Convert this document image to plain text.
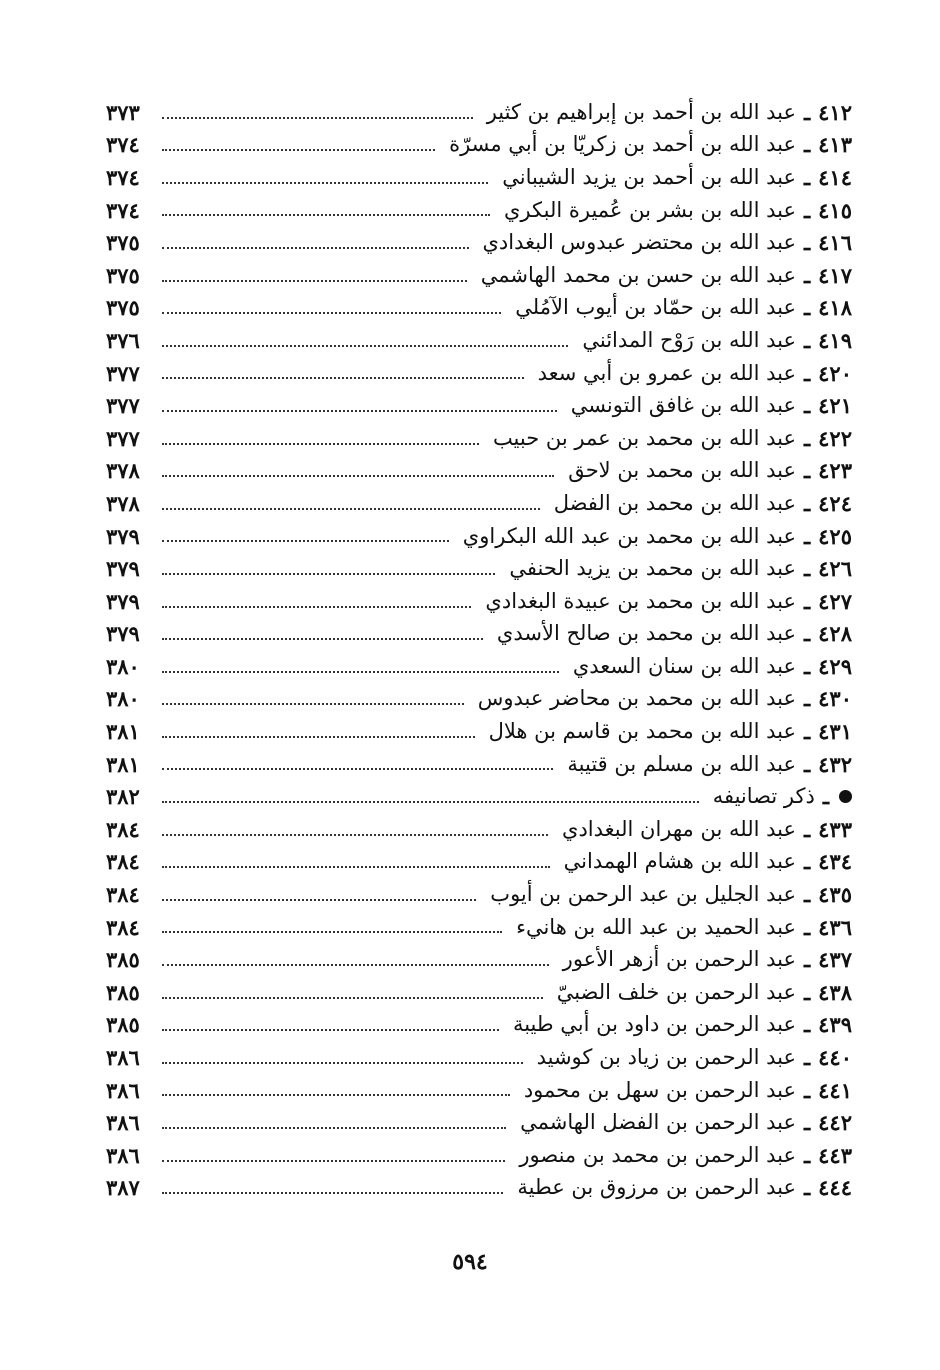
٤١٢
ـ
عبد الله بن أحمد بن إبراهيم بن كثير
٣٧٣
٤١٣
ـ
عبد الله بن أحمد بن زكريّا بن أبي مسرّة
٣٧٤
٤١٤
ـ
عبد الله بن أحمد بن يزيد الشيباني
٣٧٤
٤١٥
ـ
عبد الله بن بشر بن عُميرة البكري
٣٧٤
٤١٦
ـ
عبد الله بن محتضر عبدوس البغدادي
٣٧٥
٤١٧
ـ
عبد الله بن حسن بن محمد الهاشمي
٣٧٥
٤١٨
ـ
عبد الله بن حمّاد بن أيوب الآمُلي
٣٧٥
٤١٩
ـ
عبد الله بن رَوْح المدائني
٣٧٦
٤٢٠
ـ
عبد الله بن عمرو بن أبي سعد
٣٧٧
٤٢١
ـ
عبد الله بن غافق التونسي
٣٧٧
٤٢٢
ـ
عبد الله بن محمد بن عمر بن حبيب
٣٧٧
٤٢٣
ـ
عبد الله بن محمد بن لاحق
٣٧٨
٤٢٤
ـ
عبد الله بن محمد بن الفضل
٣٧٨
٤٢٥
ـ
عبد الله بن محمد بن عبد الله البكراوي
٣٧٩
٤٢٦
ـ
عبد الله بن محمد بن يزيد الحنفي
٣٧٩
٤٢٧
ـ
عبد الله بن محمد بن عبيدة البغدادي
٣٧٩
٤٢٨
ـ
عبد الله بن محمد بن صالح الأسدي
٣٧٩
٤٢٩
ـ
عبد الله بن سنان السعدي
٣٨٠
٤٣٠
ـ
عبد الله بن محمد بن محاضر عبدوس
٣٨٠
٤٣١
ـ
عبد الله بن محمد بن قاسم بن هلال
٣٨١
٤٣٢
ـ
عبد الله بن مسلم بن قتيبة
٣٨١
ـ
ذكر تصانيفه
٣٨٢
٤٣٣
ـ
عبد الله بن مهران البغدادي
٣٨٤
٤٣٤
ـ
عبد الله بن هشام الهمداني
٣٨٤
٤٣٥
ـ
عبد الجليل بن عبد الرحمن بن أيوب
٣٨٤
٤٣٦
ـ
عبد الحميد بن عبد الله بن هانيء
٣٨٤
٤٣٧
ـ
عبد الرحمن بن أزهر الأعور
٣٨٥
٤٣٨
ـ
عبد الرحمن بن خلف الضبيّ
٣٨٥
٤٣٩
ـ
عبد الرحمن بن داود بن أبي طيبة
٣٨٥
٤٤٠
ـ
عبد الرحمن بن زياد بن كوشيد
٣٨٦
٤٤١
ـ
عبد الرحمن بن سهل بن محمود
٣٨٦
٤٤٢
ـ
عبد الرحمن بن الفضل الهاشمي
٣٨٦
٤٤٣
ـ
عبد الرحمن بن محمد بن منصور
٣٨٦
٤٤٤
ـ
عبد الرحمن بن مرزوق بن عطية
٣٨٧
٥٩٤
